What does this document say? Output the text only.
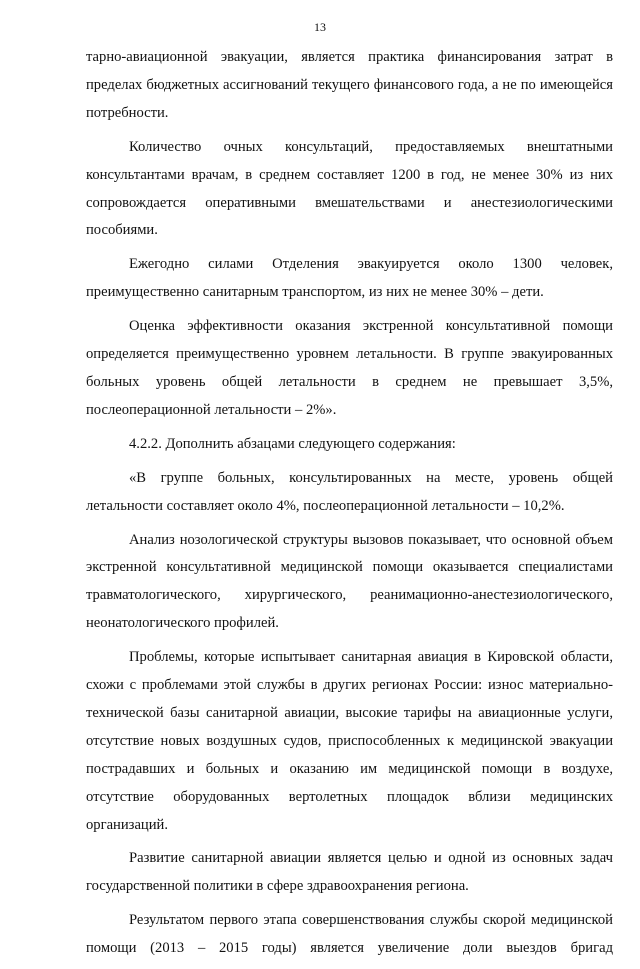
13

тарно-авиационной эвакуации, является практика финансирования затрат в пределах бюджетных ассигнований текущего финансового года, а не по имеющейся потребности.

Количество очных консультаций, предоставляемых внештатными консультантами врачам, в среднем составляет 1200 в год, не менее 30% из них сопровождается оперативными вмешательствами и анестезиологическими пособиями.

Ежегодно силами Отделения эвакуируется около 1300 человек, преимущественно санитарным транспортом, из них не менее 30% – дети.

Оценка эффективности оказания экстренной консультативной помощи определяется преимущественно уровнем летальности. В группе эвакуированных больных уровень общей летальности в среднем не превышает 3,5%, послеоперационной летальности – 2%».

4.2.2. Дополнить абзацами следующего содержания:

«В группе больных, консультированных на месте, уровень общей летальности составляет около 4%, послеоперационной летальности – 10,2%.

Анализ нозологической структуры вызовов показывает, что основной объем экстренной консультативной медицинской помощи оказывается специалистами травматологического, хирургического, реанимационно-анестезиологического, неонатологического профилей.

Проблемы, которые испытывает санитарная авиация в Кировской области, схожи с проблемами этой службы в других регионах России: износ материально-технической базы санитарной авиации, высокие тарифы на авиационные услуги, отсутствие новых воздушных судов, приспособленных к медицинской эвакуации пострадавших и больных и оказанию им медицинской помощи в воздухе, отсутствие оборудованных вертолетных площадок вблизи медицинских организаций.

Развитие санитарной авиации является целью и одной из основных задач государственной политики в сфере здравоохранения региона.

Результатом первого этапа совершенствования службы скорой медицинской помощи (2013 – 2015 годы) является увеличение доли выездов бригад
